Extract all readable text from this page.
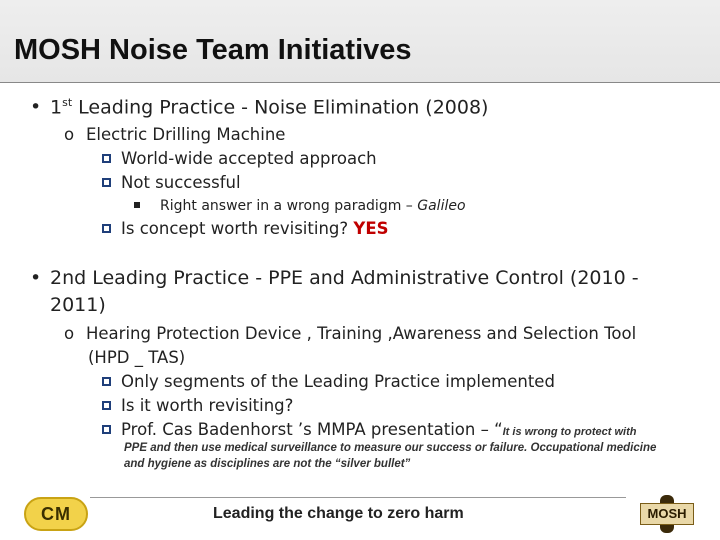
MOSH Noise Team Initiatives
• 1st Leading Practice - Noise Elimination (2008)
o Electric Drilling Machine
World-wide accepted approach
Not successful
Right answer in a wrong paradigm – Galileo
Is concept worth revisiting? YES
• 2nd Leading Practice - PPE and Administrative Control (2010 -
2011)
o Hearing Protection Device , Training ,Awareness and Selection Tool
(HPD _ TAS)
Only segments of the Leading Practice implemented
Is it worth revisiting?
Prof. Cas Badenhorst ’s MMPA presentation – “It is wrong to protect with
PPE and then use medical surveillance to measure our success or failure. Occupational medicine and hygiene as disciplines are not the “silver bullet”
CM	Leading the change to zero harm	MOSH
